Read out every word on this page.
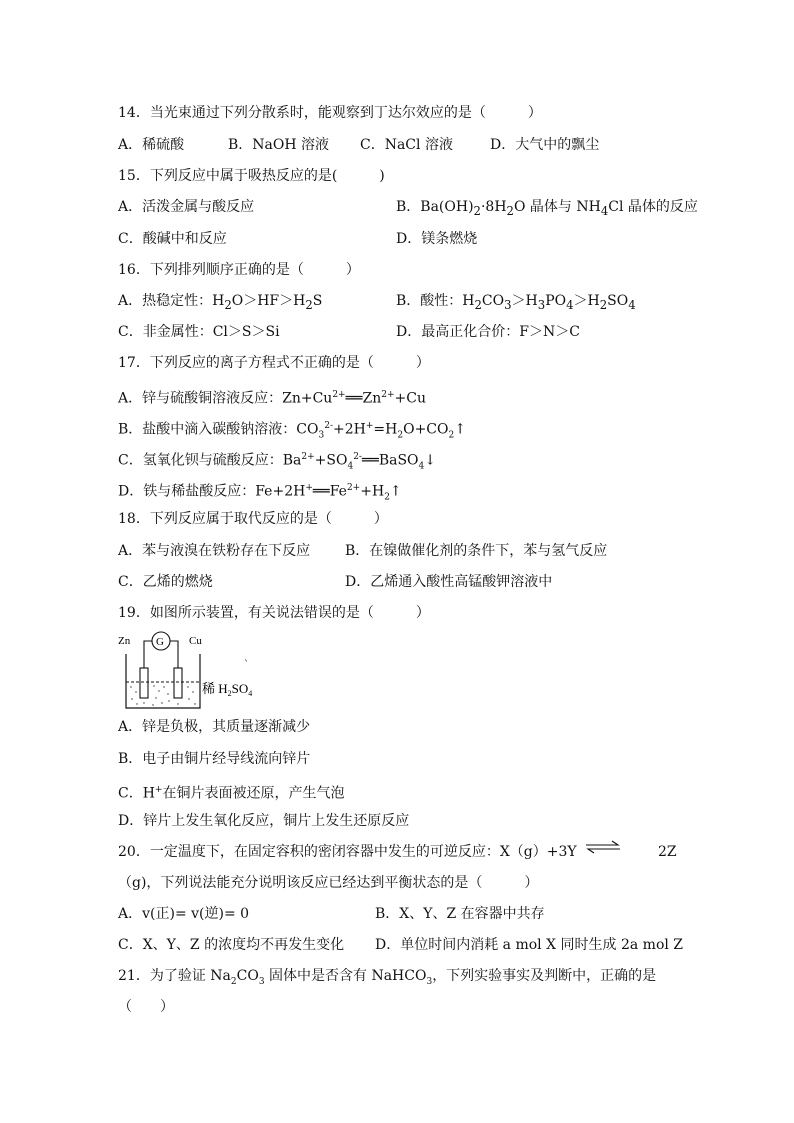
14．当光束通过下列分散系时，能观察到丁达尔效应的是（　　　）
A．稀硫酸	B．NaOH 溶液 C．NaCl 溶液	D．大气中的飘尘
15．下列反应中属于吸热反应的是(　　　)
A．活泼金属与酸反应	B．$Ba(OH)_2\cdot 8H_2O$ 晶体与 $NH_4Cl$ 晶体的反应
C．酸碱中和反应	D．镁条燃烧
16．下列排列顺序正确的是（　　　）
A．热稳定性：$H_2O>HF>H_2S$	B．酸性：$H_2CO_3>H_3PO_4>H_2SO_4$
C．非金属性：Cl＞S＞Si	D．最高正化合价：F＞N＞C
17．下列反应的离子方程式不正确的是（　　　）
A．锌与硫酸铜溶液反应：$Zn+Cu^{2+}══Zn^{2+}+Cu$
B．盐酸中滴入碳酸钠溶液：$CO_3^{2-}+2H^+=H_2O+CO_2↑$
C．氢氧化钡与硫酸反应：$Ba^{2+}+SO_4^{2-}══BaSO_4↓$
D．铁与稀盐酸反应：$Fe+2H^+══Fe^{2+}+H_2↑$
18．下列反应属于取代反应的是（　　　）
A．苯与液溴在铁粉存在下反应 B．在镍做催化剂的条件下，苯与氢气反应
C．乙烯的燃烧	D．乙烯通入酸性高锰酸钾溶液中
19．如图所示装置，有关说法错误的是（　　　）
Zn	Cu
G
稀 $H_2SO_4$
ˋ
A．锌是负极，其质量逐渐减少
B．电子由铜片经导线流向锌片
C．H+在铜片表面被还原，产生气泡
D．锌片上发生氧化反应，铜片上发生还原反应
20．一定温度下，在固定容积的密闭容器中发生的可逆反应：X（g）+3Y ⇌	2Z
（g)，下列说法能充分说明该反应已经达到平衡状态的是（　　　）
A．v(正)= v(逆)= 0	B．X、Y、Z 在容器中共存
C．X、Y、Z 的浓度均不再发生变化 D．单位时间内消耗 a mol X 同时生成 2a mol Z
21．为了验证 $Na_2CO_3$ 固体中是否含有 NaHCO$_3$，下列实验事实及判断中，正确的是
（　　）
